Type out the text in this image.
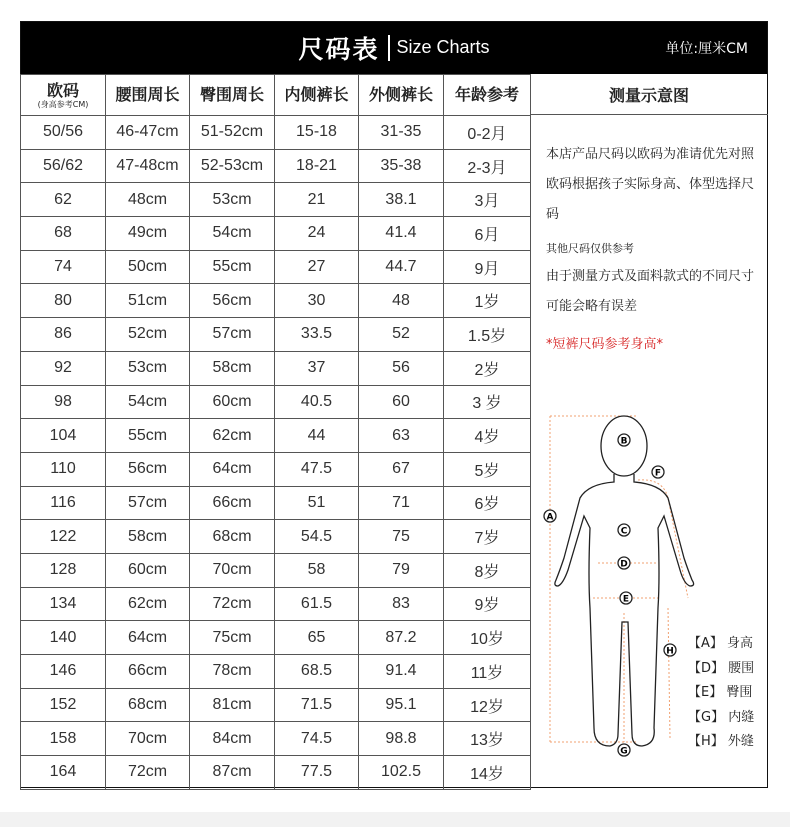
尺码表 Size Charts	单位:厘米CM
欧码
(身高参考CM)	腰围周长	臀围周长	内侧裤长	外侧裤长	年龄参考

50/56	46-47cm	51-52cm	15-18	31-35	0-2月
56/62	47-48cm	52-53cm	18-21	35-38	2-3月
62	48cm	53cm	21	38.1	3月
68	49cm	54cm	24	41.4	6月
74	50cm	55cm	27	44.7	9月
80	51cm	56cm	30	48	1岁
86	52cm	57cm	33.5	52	1.5岁
92	53cm	58cm	37	56	2岁
98	54cm	60cm	40.5	60	3 岁
104	55cm	62cm	44	63	4岁
110	56cm	64cm	47.5	67	5岁
116	57cm	66cm	51	71	6岁
122	58cm	68cm	54.5	75	7岁
128	60cm	70cm	58	79	8岁
134	62cm	72cm	61.5	83	9岁
140	64cm	75cm	65	87.2	10岁
146	66cm	78cm	68.5	91.4	11岁
152	68cm	81cm	71.5	95.1	12岁
158	70cm	84cm	74.5	98.8	13岁
164	72cm	87cm	77.5	102.5	14岁
测量示意图
本店产品尺码以欧码为准请优先对照欧码根据孩子实际身高、体型选择尺码
其他尺码仅供参考
由于测量方式及面料款式的不同尺寸可能会略有误差
*短裤尺码参考身高*
A
B
C
D
E
F
G
H
【A】 身高
【D】 腰围
【E】 臀围
【G】 内缝
【H】 外缝
